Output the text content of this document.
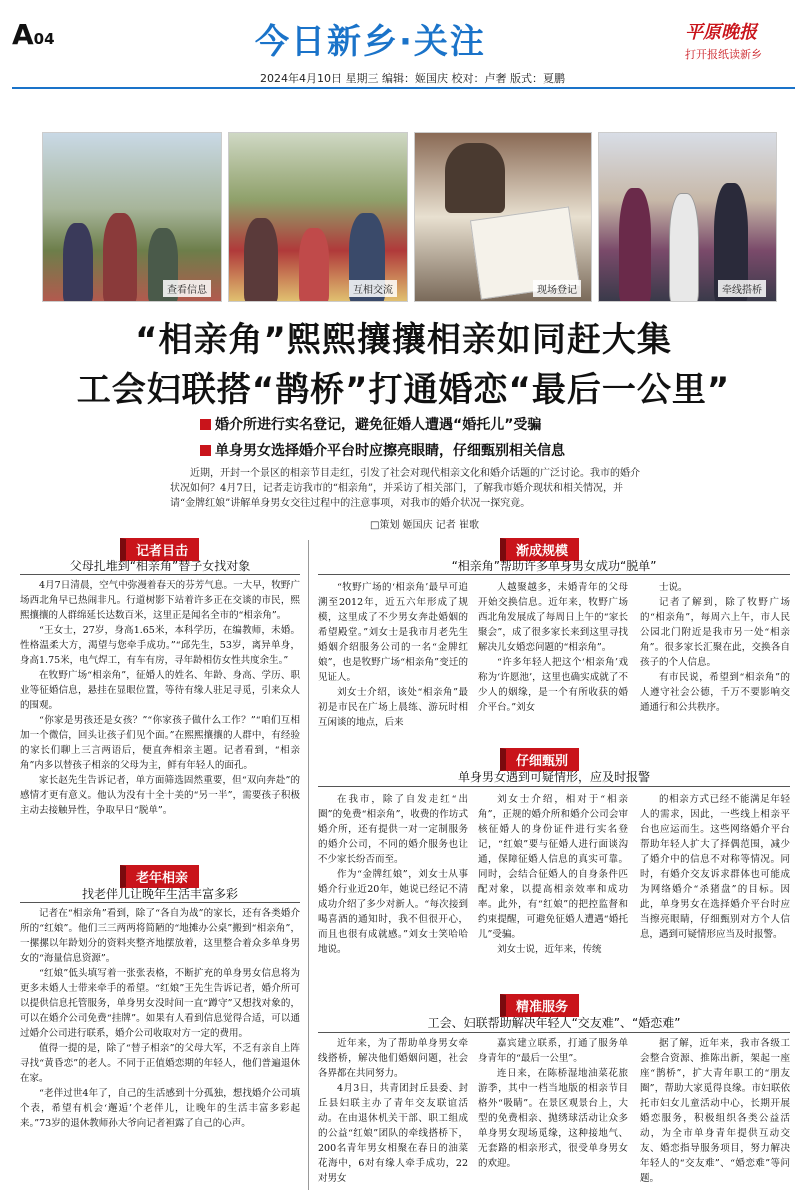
A04	今日新乡·关注	平原晚报
打开报纸读新乡
2024年4月10日 星期三 编辑：姬国庆 校对：卢奢 版式：夏鹏
查看信息	互相交流	现场登记	牵线搭桥
“相亲角”熙熙攘攘相亲如同赶大集
工会妇联搭“鹊桥”打通婚恋“最后一公里”
婚介所进行实名登记，避免征婚人遭遇“婚托儿”受骗
单身男女选择婚介平台时应擦亮眼睛，仔细甄别相关信息
近期，开封一个景区的相亲节目走红，引发了社会对现代相亲文化和婚介话题的广泛讨论。我市的婚介状况如何？4月7日，记者走访我市的“相亲角”，并采访了相关部门，了解我市婚介现状和相关情况，并请“金牌红娘”讲解单身男女交往过程中的注意事项，对我市的婚介状况一探究竟。
□策划 姬国庆 记者 崔歌
记者目击
父母扎堆到“相亲角”替子女找对象

4月7日清晨，空气中弥漫着春天的芬芳气息。一大早，牧野广场西北角早已热闹非凡。行道树影下站着许多正在交谈的市民，熙熙攘攘的人群绵延长达数百米，这里正是闻名全市的“相亲角”。

“王女士，27岁，身高1.65米，本科学历，在编教师，未婚。性格温柔大方，渴望与您牵手成功。”“邱先生，53岁，离异单身，身高1.75米，电气焊工，有车有房，寻年龄相仿女性共度余生。”

在牧野广场“相亲角”，征婚人的姓名、年龄、身高、学历、职业等征婚信息，悬挂在显眼位置，等待有缘人驻足寻觅，引来众人的围观。

“你家是男孩还是女孩？”“你家孩子做什么工作？”“咱们互相加一个微信，回头让孩子们见个面。”在熙熙攘攘的人群中，有经验的家长们聊上三言两语后，便直奔相亲主题。记者看到，“相亲角”内多以替孩子相亲的父母为主，鲜有年轻人的面孔。

家长赵先生告诉记者，单方面筛选固然重要，但“双向奔赴”的感情才更有意义。他认为没有十全十美的“另一半”，需要孩子积极主动去接触异性，争取早日“脱单”。

老年相亲
找老伴儿让晚年生活丰富多彩

记者在“相亲角”看到，除了“各自为战”的家长，还有各类婚介所的“红娘”。他们三三两两将简陋的“地摊办公桌”搬到“相亲角”，一摞摞以年龄划分的资料夹整齐地摆放着，这里整合着众多单身男女的“海量信息资源”。

“红娘”低头填写着一张张表格，不断扩充的单身男女信息将为更多未婚人士带来牵手的希望。“红娘”王先生告诉记者，婚介所可以提供信息托管服务，单身男女没时间一直“蹲守”又想找对象的，可以在婚介公司免费“挂牌”。如果有人看到信息觉得合适，可以通过婚介公司进行联系，婚介公司收取对方一定的费用。

值得一提的是，除了“替子相亲”的父母大军，不乏有亲自上阵寻找“黄昏恋”的老人。不同于正值婚恋期的年轻人，他们普遍退休在家。

“老伴过世4年了，自己的生活感到十分孤独，想找婚介公司填个表，希望有机会‘邂逅’个老伴儿，让晚年的生活丰富多彩起来。”73岁的退休教师孙大爷向记者袒露了自己的心声。

渐成规模
“相亲角”帮助许多单身男女成功“脱单”

“牧野广场的‘相亲角’最早可追溯至2012年，近五六年形成了规模，这里成了不少男女奔赴婚姻的希望殿堂。”刘女士是我市月老先生婚姻介绍服务公司的一名“金牌红娘”，也是牧野广场“相亲角”变迁的见证人。

刘女士介绍，该处“相亲角”最初是市民在广场上晨练、游玩时相互闲谈的地点，后来

人越聚越多，未婚青年的父母开始交换信息。近年来，牧野广场西北角发展成了每周日上午的“家长聚会”，成了很多家长来到这里寻找解决儿女婚恋问题的“相亲角”。

“许多年轻人把这个‘相亲角’戏称为‘许愿池’，这里也确实成就了不少人的姻缘，是一个有所收获的婚介平台。”刘女

士说。

记者了解到，除了牧野广场的“相亲角”，每周六上午，市人民公园北门附近是我市另一处“相亲角”。很多家长汇聚在此，交换各自孩子的个人信息。

有市民说，希望到“相亲角”的人遵守社会公德，千万不要影响交通通行和公共秩序。

仔细甄别
单身男女遇到可疑情形，应及时报警

在我市，除了自发走红“出圈”的免费“相亲角”，收费的作坊式婚介所，还有提供一对一定制服务的婚介公司，不同的婚介服务也让不少家长纷否而至。

作为“金牌红娘”，刘女士从事婚介行业近20年，她说已经记不清成功介绍了多少对新人。“每次接到喝喜酒的通知时，我不但很开心，而且也很有成就感。”刘女士笑哈哈地说。

刘女士介绍，相对于“相亲角”，正规的婚介所和婚介公司会审核征婚人的身份证件进行实名登记，“红娘”要与征婚人进行面谈沟通，保障征婚人信息的真实可靠。同时，会结合征婚人的自身条件匹配对象，以提高相亲效率和成功率。此外，有“红娘”的把控监督和约束提醒，可避免征婚人遭遇“婚托儿”受骗。

刘女士说，近年来，传统

的相亲方式已经不能满足年轻人的需求，因此，一些线上相亲平台也应运而生。这些网络婚介平台帮助年轻人扩大了择偶范围，减少了婚介中的信息不对称等情况。同时，有婚介交友诉求群体也可能成为网络婚介“杀猪盘”的目标。因此，单身男女在选择婚介平台时应当擦亮眼睛，仔细甄别对方个人信息，遇到可疑情形应当及时报警。

精准服务
工会、妇联帮助解决年轻人“交友难”、“婚恋难”

近年来，为了帮助单身男女牵线搭桥，解决他们婚姻问题，社会各界都在共同努力。

4月3日，共青团封丘县委、封丘县妇联主办了青年交友联谊活动。在由退休机关干部、职工组成的公益“红娘”团队的牵线搭桥下，200名青年男女相聚在春日的油菜花海中，6对有缘人牵手成功，22对男女

嘉宾建立联系，打通了服务单身青年的“最后一公里”。

连日来，在陈桥湿地油菜花旅游季，其中一档当地版的相亲节目格外“吸睛”。在景区观景台上，大型的免费相亲、抛绣球活动让众多单身男女现场觅缘，这种接地气、无套路的相亲形式，很受单身男女的欢迎。

据了解，近年来，我市各级工会整合资源、推陈出新，架起一座座“鹊桥”，扩大青年职工的“朋友圈”，帮助大家觅得良缘。市妇联依托市妇女儿童活动中心，长期开展婚恋服务，积极组织各类公益活动，为全市单身青年提供互动交友、婚恋指导服务项目，努力解决年轻人的“交友难”、“婚恋难”等问题。
